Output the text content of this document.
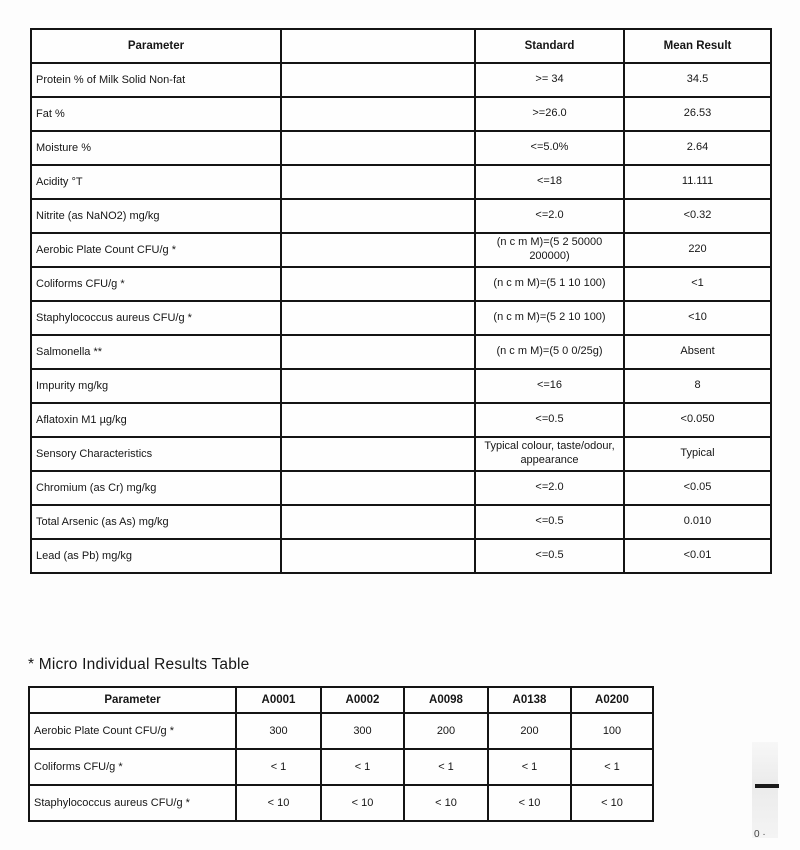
Parameter		Standard	Mean Result
Protein % of Milk Solid Non-fat		>= 34	34.5
Fat %		>=26.0	26.53
Moisture %		<=5.0%	2.64
Acidity °T		<=18	11.111
Nitrite (as NaNO2) mg/kg		<=2.0	<0.32
Aerobic Plate Count CFU/g *		(n c m M)=(5 2 50000 200000)	220
Coliforms CFU/g *		(n c m M)=(5 1 10 100)	<1
Staphylococcus aureus CFU/g *		(n c m M)=(5 2 10 100)	<10
Salmonella **		(n c m M)=(5 0 0/25g)	Absent
Impurity mg/kg		<=16	8
Aflatoxin M1 µg/kg		<=0.5	<0.050
Sensory Characteristics		Typical colour, taste/odour, appearance	Typical
Chromium (as Cr) mg/kg		<=2.0	<0.05
Total Arsenic (as As) mg/kg		<=0.5	0.010
Lead (as Pb) mg/kg		<=0.5	<0.01
* Micro Individual Results Table
Parameter	A0001	A0002	A0098	A0138	A0200
Aerobic Plate Count CFU/g *	300	300	200	200	100
Coliforms CFU/g *	< 1	< 1	< 1	< 1	< 1
Staphylococcus aureus CFU/g *	< 10	< 10	< 10	< 10	< 10
0 ·
